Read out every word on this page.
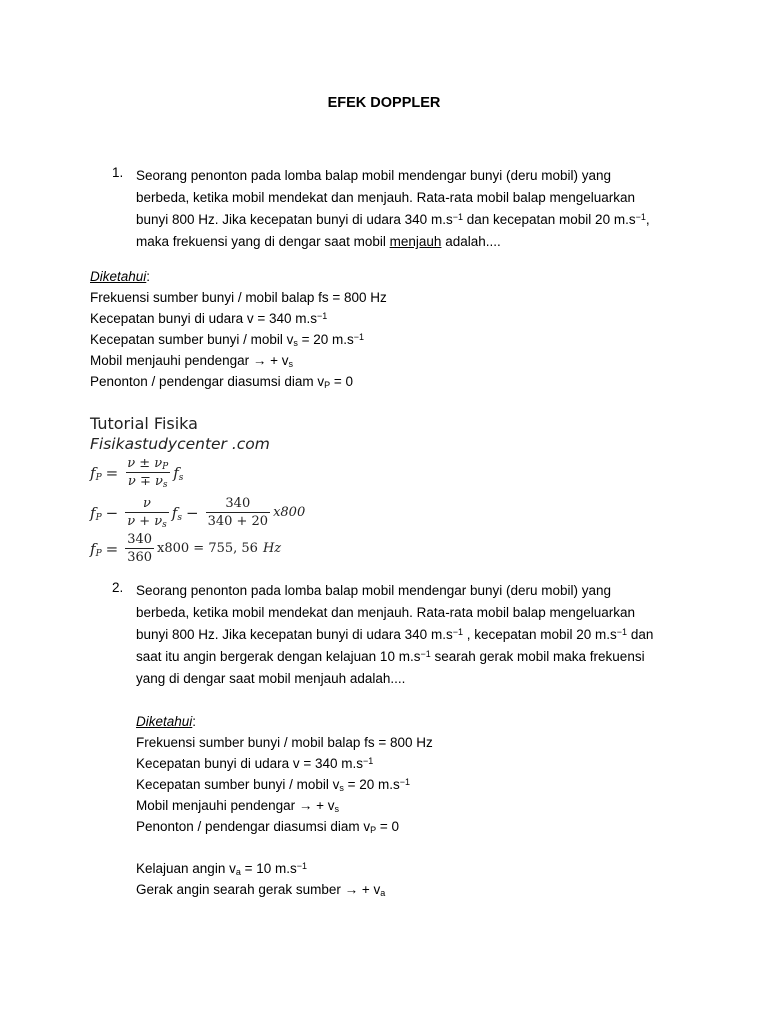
EFEK DOPPLER
1. Seorang penonton pada lomba balap mobil mendengar bunyi (deru mobil) yang
berbeda, ketika mobil mendekat dan menjauh. Rata-rata mobil balap mengeluarkan
bunyi 800 Hz. Jika kecepatan bunyi di udara 340 $m.s^{-1}$ dan kecepatan mobil 20 $m.s^{-1}$,
maka frekuensi yang di dengar saat mobil menjauh adalah....
Diketahui:
Frekuensi sumber bunyi / mobil balap fs = 800 Hz
Kecepatan bunyi di udara v = 340 $m.s^{-1}$
Kecepatan sumber bunyi / mobil $v_s = 20$ $m.s^{-1}$
Mobil menjauhi pendengar → + $v_s$
Penonton / pendengar diasumsi diam $v_P = 0$
Tutorial Fisika
Fisikastudycenter .com
$f_P = \frac{\nu \pm \nu_P}{\nu \mp \nu_s} f_s$
$f_P - \frac{\nu}{\nu + \nu_s} f_s - \frac{340}{340 + 20} x800$
$f_P = \frac{340}{360} x800 = 755$, 56 Hz
2. Seorang penonton pada lomba balap mobil mendengar bunyi (deru mobil) yang
berbeda, ketika mobil mendekat dan menjauh. Rata-rata mobil balap mengeluarkan
bunyi 800 Hz. Jika kecepatan bunyi di udara 340 $m.s^{-1}$ , kecepatan mobil 20 $m.s^{-1}$ dan
saat itu angin bergerak dengan kelajuan 10 $m.s^{-1}$ searah gerak mobil maka frekuensi
yang di dengar saat mobil menjauh adalah....
Diketahui:
Frekuensi sumber bunyi / mobil balap fs = 800 Hz
Kecepatan bunyi di udara v = 340 $m.s^{-1}$
Kecepatan sumber bunyi / mobil $v_s = 20$ $m.s^{-1}$
Mobil menjauhi pendengar → + $v_s$
Penonton / pendengar diasumsi diam $v_P = 0$
Kelajuan angin $v_a = 10$ $m.s^{-1}$
Gerak angin searah gerak sumber → + $v_a$
